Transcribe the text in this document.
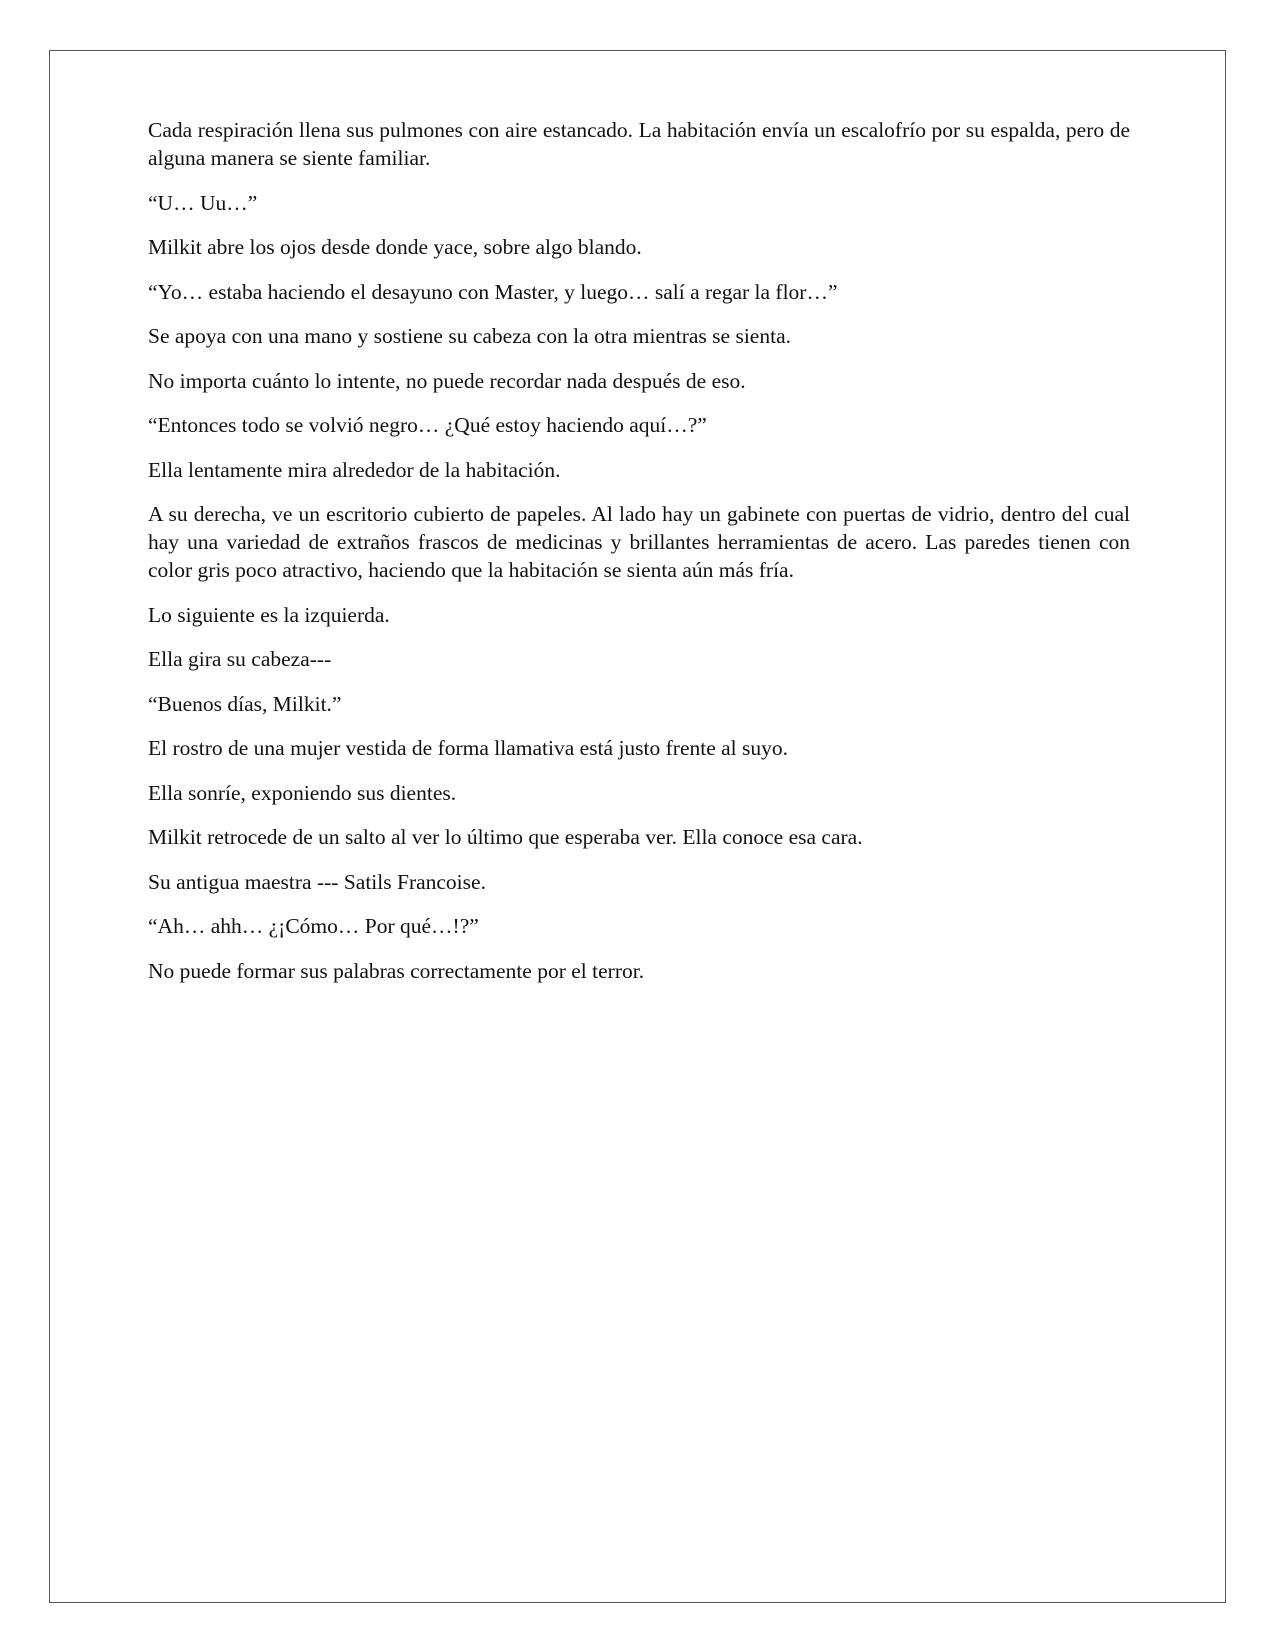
Cada respiración llena sus pulmones con aire estancado. La habitación envía un escalofrío por su espalda, pero de alguna manera se siente familiar.

“U… Uu…”

Milkit abre los ojos desde donde yace, sobre algo blando.

“Yo… estaba haciendo el desayuno con Master, y luego… salí a regar la flor…”

Se apoya con una mano y sostiene su cabeza con la otra mientras se sienta.

No importa cuánto lo intente, no puede recordar nada después de eso.

“Entonces todo se volvió negro… ¿Qué estoy haciendo aquí…?”

Ella lentamente mira alrededor de la habitación.

A su derecha, ve un escritorio cubierto de papeles. Al lado hay un gabinete con puertas de vidrio, dentro del cual hay una variedad de extraños frascos de medicinas y brillantes herramientas de acero. Las paredes tienen con color gris poco atractivo, haciendo que la habitación se sienta aún más fría.

Lo siguiente es la izquierda.

Ella gira su cabeza---

“Buenos días, Milkit.”

El rostro de una mujer vestida de forma llamativa está justo frente al suyo.

Ella sonríe, exponiendo sus dientes.

Milkit retrocede de un salto al ver lo último que esperaba ver. Ella conoce esa cara.

Su antigua maestra --- Satils Francoise.

“Ah… ahh… ¿¡Cómo… Por qué…!?”

No puede formar sus palabras correctamente por el terror.
